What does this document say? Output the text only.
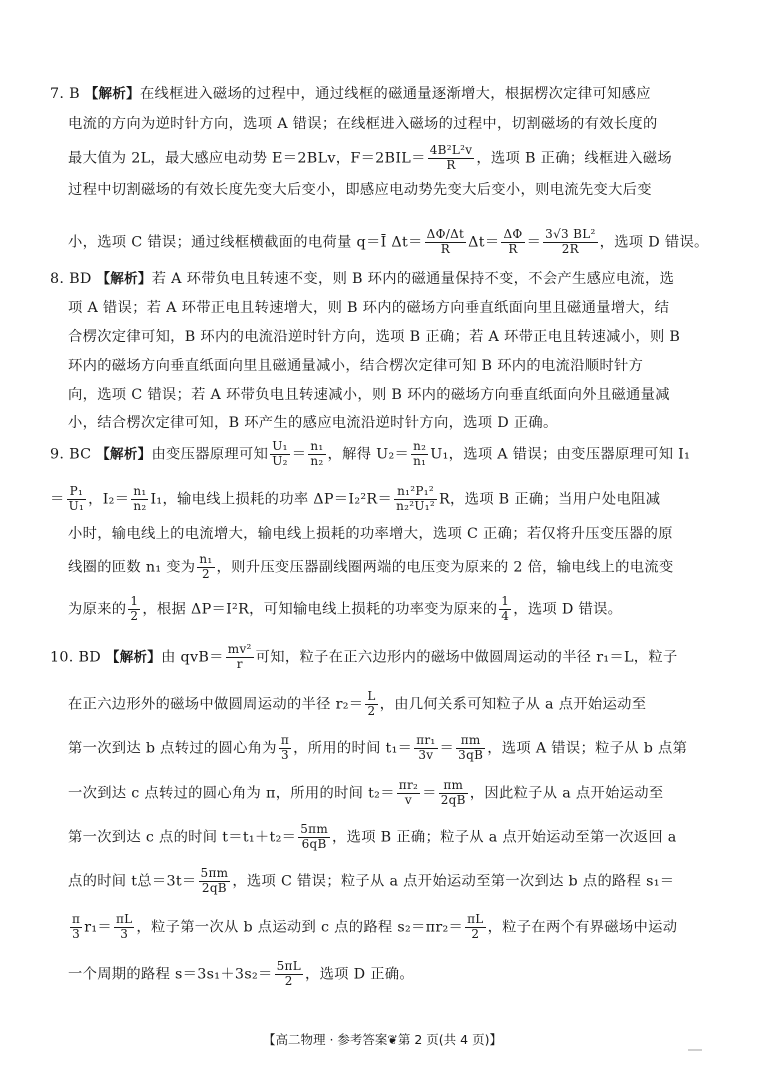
7. B 【解析】在线框进入磁场的过程中，通过线框的磁通量逐渐增大，根据楞次定律可知感应
电流的方向为逆时针方向，选项 A 错误；在线框进入磁场的过程中，切割磁场的有效长度的
最大值为 2L，最大感应电动势 E＝2BLv，$F=2BIL= \frac{\text{4B²L²v}}{R}$ ，选项 B 正确；线框进入磁场
过程中切割磁场的有效长度先变大后变小，即感应电动势先变大后变小，则电流先变大后变
小，选项 C 错误；通过线框横截面的电荷量 q＝Ī $\Delta t= \frac{\Delta\Phi/\Delta t}{R} \Delta t= \frac{\Delta\Phi}{R} = \frac{\text{3√3 BL²}}{2R}$ ，选项 D 错误。
8. BD 【解析】若 A 环带负电且转速不变，则 B 环内的磁通量保持不变，不会产生感应电流，选
项 A 错误；若 A 环带正电且转速增大，则 B 环内的磁场方向垂直纸面向里且磁通量增大，结
合楞次定律可知，B 环内的电流沿逆时针方向，选项 B 正确；若 A 环带正电且转速减小，则 B
环内的磁场方向垂直纸面向里且磁通量减小，结合楞次定律可知 B 环内的电流沿顺时针方
向，选项 C 错误；若 A 环带负电且转速减小，则 B 环内的磁场方向垂直纸面向外且磁通量减
小，结合楞次定律可知，B 环产生的感应电流沿逆时针方向，选项 D 正确。
9. BC 【解析】由变压器原理可知 $\frac{\text{U₁}}{\text{U₂}} = \frac{\text{n₁}}{\text{n₂}}$ ，解得 $U_2= \frac{\text{n₂}}{\text{n₁}} U_1$，选项 A 错误；由变压器原理可知 I₁
＝ $\frac{\text{P₁}}{\text{U₁}}$ ，$I_2= \frac{\text{n₁}}{\text{n₂}} I_1$，输电线上损耗的功率 $\Delta P=I_2^2R= \frac{\text{n₁²P₁²}}{\text{n₂²U₁²}}$ R，选项 B 正确；当用户处电阻减
小时，输电线上的电流增大，输电线上损耗的功率增大，选项 C 正确；若仅将升压变压器的原
线圈的匝数 n₁ 变为 $\frac{\text{n₁}}{2}$ ，则升压变压器副线圈两端的电压变为原来的 2 倍，输电线上的电流变
为原来的 $\frac{1}{2}$ ，根据 ΔP＝I²R，可知输电线上损耗的功率变为原来的 $\frac{1}{4}$ ，选项 D 错误。
10. BD 【解析】由 $qvB= \frac{\text{mv²}}{r}$ 可知，粒子在正六边形内的磁场中做圆周运动的半径 r₁＝L，粒子
在正六边形外的磁场中做圆周运动的半径 $r_2= \frac{L}{2}$ ，由几何关系可知粒子从 a 点开始运动至
第一次到达 b 点转过的圆心角为 $\frac{\pi}{3}$ ，所用的时间 $t_1= \frac{\text{πr₁}}{3v} = \frac{\pi m}{3qB}$ ，选项 A 错误；粒子从 b 点第
一次到达 c 点转过的圆心角为 π，所用的时间 $t_2= \frac{\text{πr₂}}{v} = \frac{\pi m}{2qB}$ ，因此粒子从 a 点开始运动至
第一次到达 c 点的时间 $t=t_1+t_2= \frac{5\pi m}{6qB}$ ，选项 B 正确；粒子从 a 点开始运动至第一次返回 a
点的时间 t总$=3t= \frac{5\pi m}{2qB}$ ，选项 C 错误；粒子从 a 点开始运动至第一次到达 b 点的路程 s₁＝
$\frac{\pi}{3} r_1= \frac{\pi L}{3}$ ，粒子第一次从 b 点运动到 c 点的路程 $s_2=\pi r_2= \frac{\pi L}{2}$ ，粒子在两个有界磁场中运动
一个周期的路程 $s=3s_1+3s_2= \frac{5\pi L}{2}$ ，选项 D 正确。
【高二物理 · 参考答案❦第 2 页(共 4 页)】
